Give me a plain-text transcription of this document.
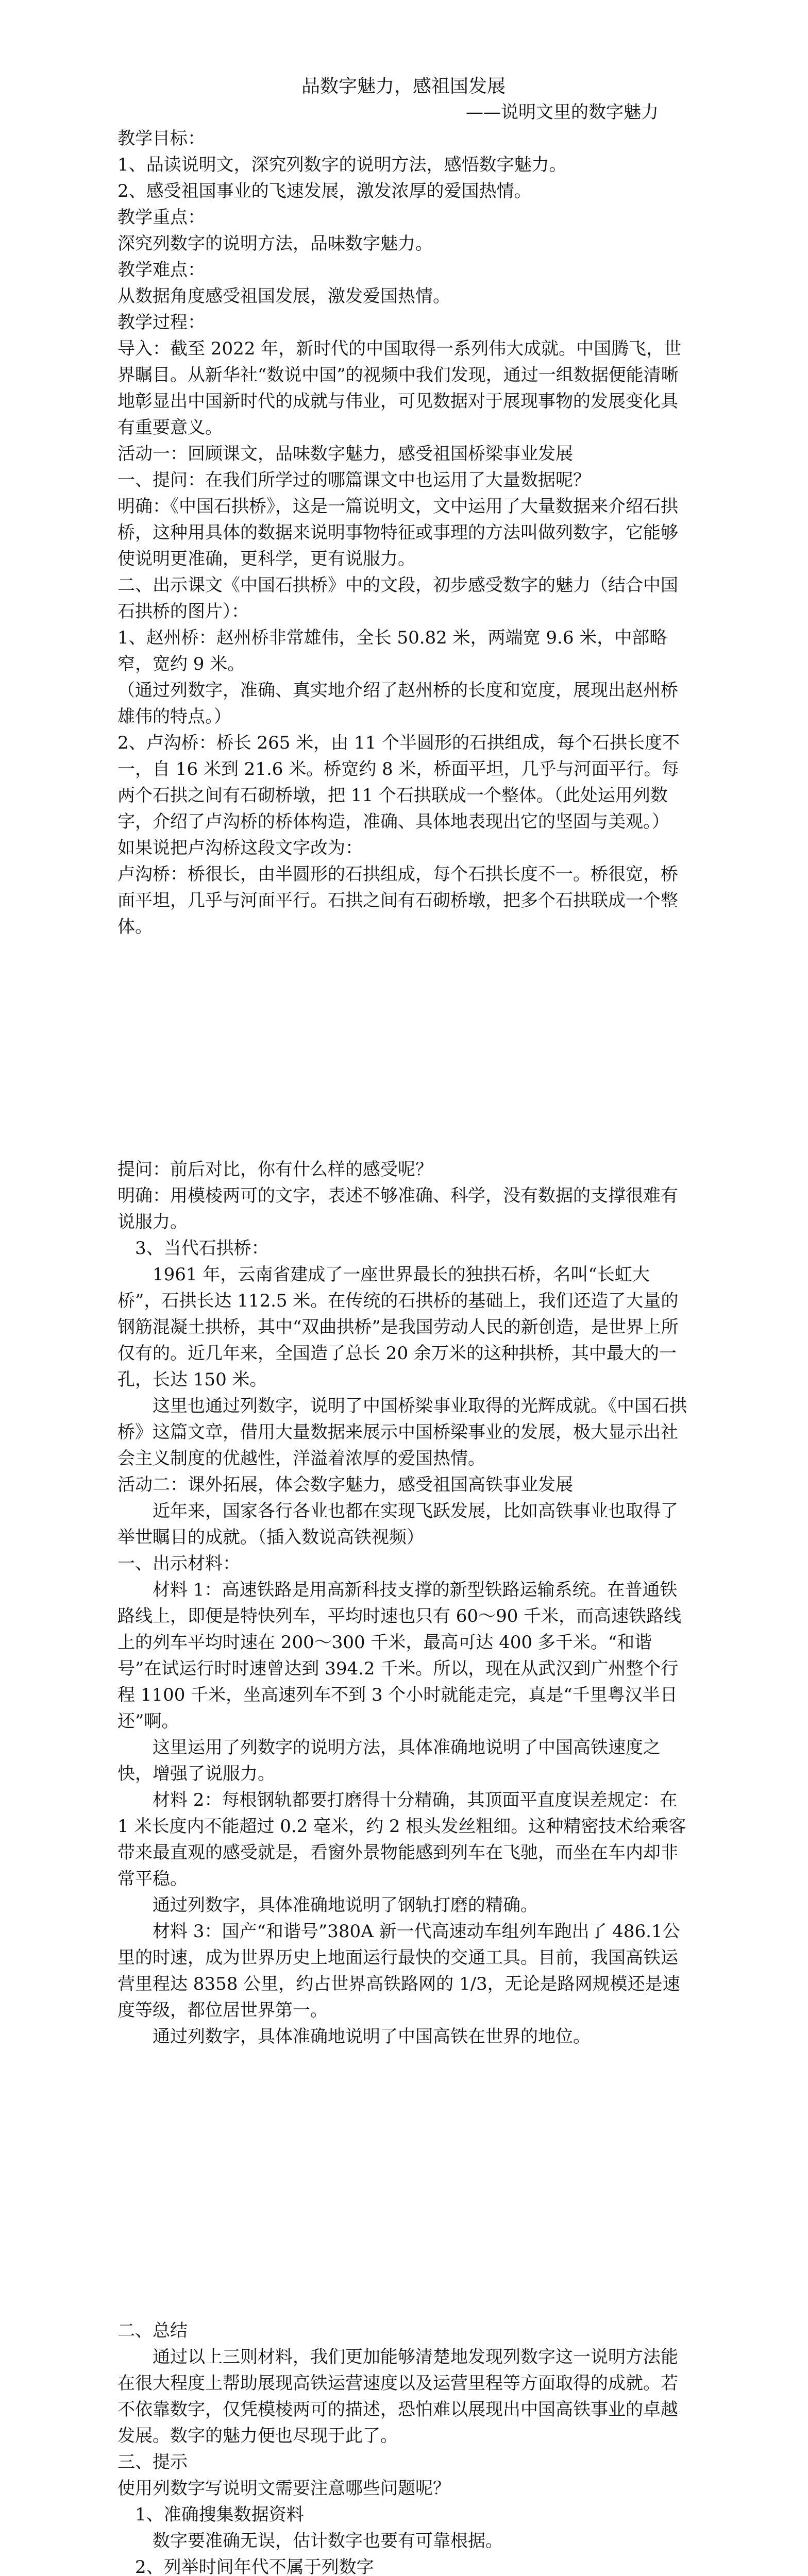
品数字魅力，感祖国发展

——说明文里的数字魅力

教学目标：

1、品读说明文，深究列数字的说明方法，感悟数字魅力。

2、感受祖国事业的飞速发展，激发浓厚的爱国热情。

教学重点：

深究列数字的说明方法，品味数字魅力。

教学难点：

从数据角度感受祖国发展，激发爱国热情。

教学过程：

导入：截至 2022 年，新时代的中国取得一系列伟大成就。中国腾飞，世界瞩目。从新华社“数说中国”的视频中我们发现，通过一组数据便能清晰地彰显出中国新时代的成就与伟业，可见数据对于展现事物的发展变化具有重要意义。

活动一：回顾课文，品味数字魅力，感受祖国桥梁事业发展

一、提问：在我们所学过的哪篇课文中也运用了大量数据呢？

明确：《中国石拱桥》，这是一篇说明文，文中运用了大量数据来介绍石拱桥，这种用具体的数据来说明事物特征或事理的方法叫做列数字，它能够使说明更准确，更科学，更有说服力。

二、出示课文《中国石拱桥》中的文段，初步感受数字的魅力（结合中国石拱桥的图片）：

1、赵州桥：赵州桥非常雄伟，全长 50.82 米，两端宽 9.6 米，中部略窄，宽约 9 米。

（通过列数字，准确、真实地介绍了赵州桥的长度和宽度，展现出赵州桥雄伟的特点。）

2、卢沟桥：桥长 265 米，由 11 个半圆形的石拱组成，每个石拱长度不一，自 16 米到 21.6 米。桥宽约 8 米，桥面平坦，几乎与河面平行。每两个石拱之间有石砌桥墩，把 11 个石拱联成一个整体。（此处运用列数字，介绍了卢沟桥的桥体构造，准确、具体地表现出它的坚固与美观。）

如果说把卢沟桥这段文字改为：

卢沟桥：桥很长，由半圆形的石拱组成，每个石拱长度不一。桥很宽，桥面平坦，几乎与河面平行。石拱之间有石砌桥墩，把多个石拱联成一个整体。

提问：前后对比，你有什么样的感受呢？

明确：用模棱两可的文字，表述不够准确、科学，没有数据的支撑很难有说服力。

3、当代石拱桥：

1961 年，云南省建成了一座世界最长的独拱石桥，名叫“长虹大桥”，石拱长达 112.5 米。在传统的石拱桥的基础上，我们还造了大量的钢筋混凝土拱桥，其中“双曲拱桥”是我国劳动人民的新创造，是世界上所仅有的。近几年来，全国造了总长 20 余万米的这种拱桥，其中最大的一孔，长达 150 米。

这里也通过列数字，说明了中国桥梁事业取得的光辉成就。《中国石拱桥》这篇文章，借用大量数据来展示中国桥梁事业的发展，极大显示出社会主义制度的优越性，洋溢着浓厚的爱国热情。

活动二：课外拓展，体会数字魅力，感受祖国高铁事业发展

近年来，国家各行各业也都在实现飞跃发展，比如高铁事业也取得了举世瞩目的成就。（插入数说高铁视频）

一、出示材料：

材料 1：高速铁路是用高新科技支撑的新型铁路运输系统。在普通铁路线上，即便是特快列车，平均时速也只有 60～90 千米，而高速铁路线上的列车平均时速在 200～300 千米，最高可达 400 多千米。“和谐号”在试运行时时速曾达到 394.2 千米。所以，现在从武汉到广州整个行程 1100 千米，坐高速列车不到 3 个小时就能走完，真是“千里粤汉半日还”啊。

这里运用了列数字的说明方法，具体准确地说明了中国高铁速度之快，增强了说服力。

材料 2：每根钢轨都要打磨得十分精确，其顶面平直度误差规定：在 1 米长度内不能超过 0.2 毫米，约 2 根头发丝粗细。这种精密技术给乘客带来最直观的感受就是，看窗外景物能感到列车在飞驰，而坐在车内却非常平稳。

通过列数字，具体准确地说明了钢轨打磨的精确。

材料 3：国产“和谐号”380A 新一代高速动车组列车跑出了 486.1公里的时速，成为世界历史上地面运行最快的交通工具。目前，我国高铁运营里程达 8358 公里，约占世界高铁路网的 1/3，无论是路网规模还是速度等级，都位居世界第一。

通过列数字，具体准确地说明了中国高铁在世界的地位。

二、总结

通过以上三则材料，我们更加能够清楚地发现列数字这一说明方法能在很大程度上帮助展现高铁运营速度以及运营里程等方面取得的成就。若不依靠数字，仅凭模棱两可的描述，恐怕难以展现出中国高铁事业的卓越发展。数字的魅力便也尽现于此了。

三、提示

使用列数字写说明文需要注意哪些问题呢？

1、准确搜集数据资料

数字要准确无误，估计数字也要有可靠根据。

2、列举时间年代不属于列数字
